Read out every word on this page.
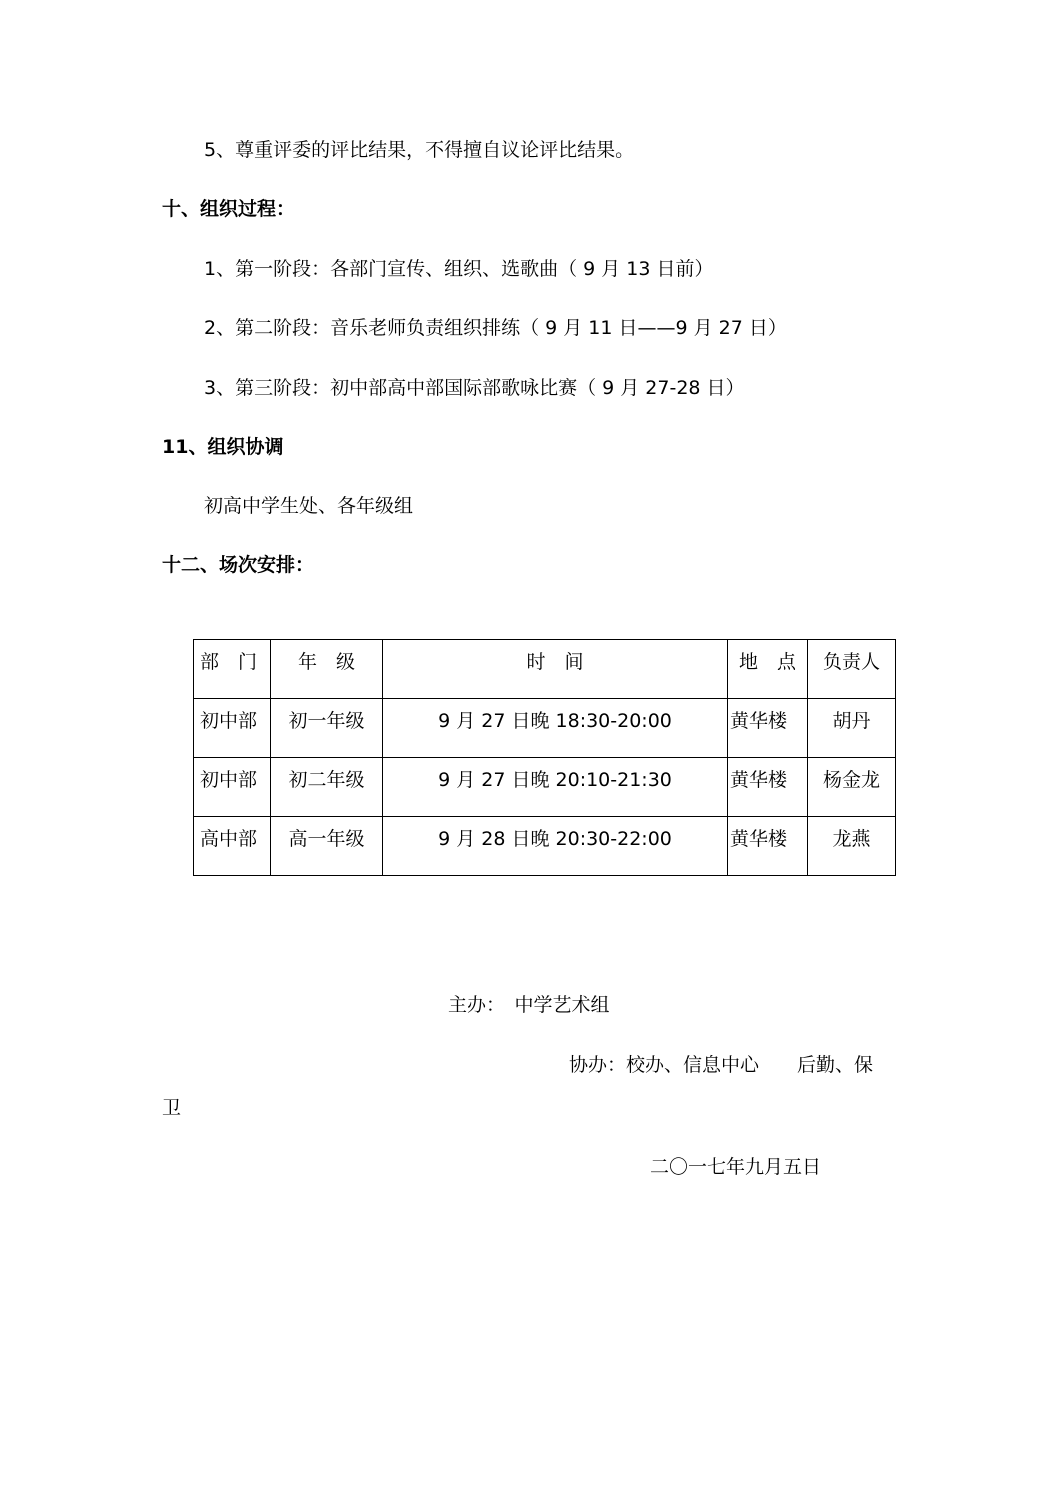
5、尊重评委的评比结果，不得擅自议论评比结果。
十、组织过程：
1、第一阶段：各部门宣传、组织、选歌曲（ 9 月 13 日前）
2、第二阶段：音乐老师负责组织排练（ 9 月 11 日——9 月 27 日）
3、第三阶段：初中部高中部国际部歌咏比赛（ 9 月 27-28 日）
11、组织协调
初高中学生处、各年级组
十二、场次安排：
部　门	年　级	时　间	地　点	负责人
初中部	初一年级	9 月 27 日晚 18:30-20:00	黄华楼	胡丹
初中部	初二年级	9 月 27 日晚 20:10-21:30	黄华楼	杨金龙
高中部	高一年级	9 月 28 日晚 20:30-22:00	黄华楼	龙燕
主办：　中学艺术组
协办：校办、信息中心　　后勤、保
卫
二〇一七年九月五日
